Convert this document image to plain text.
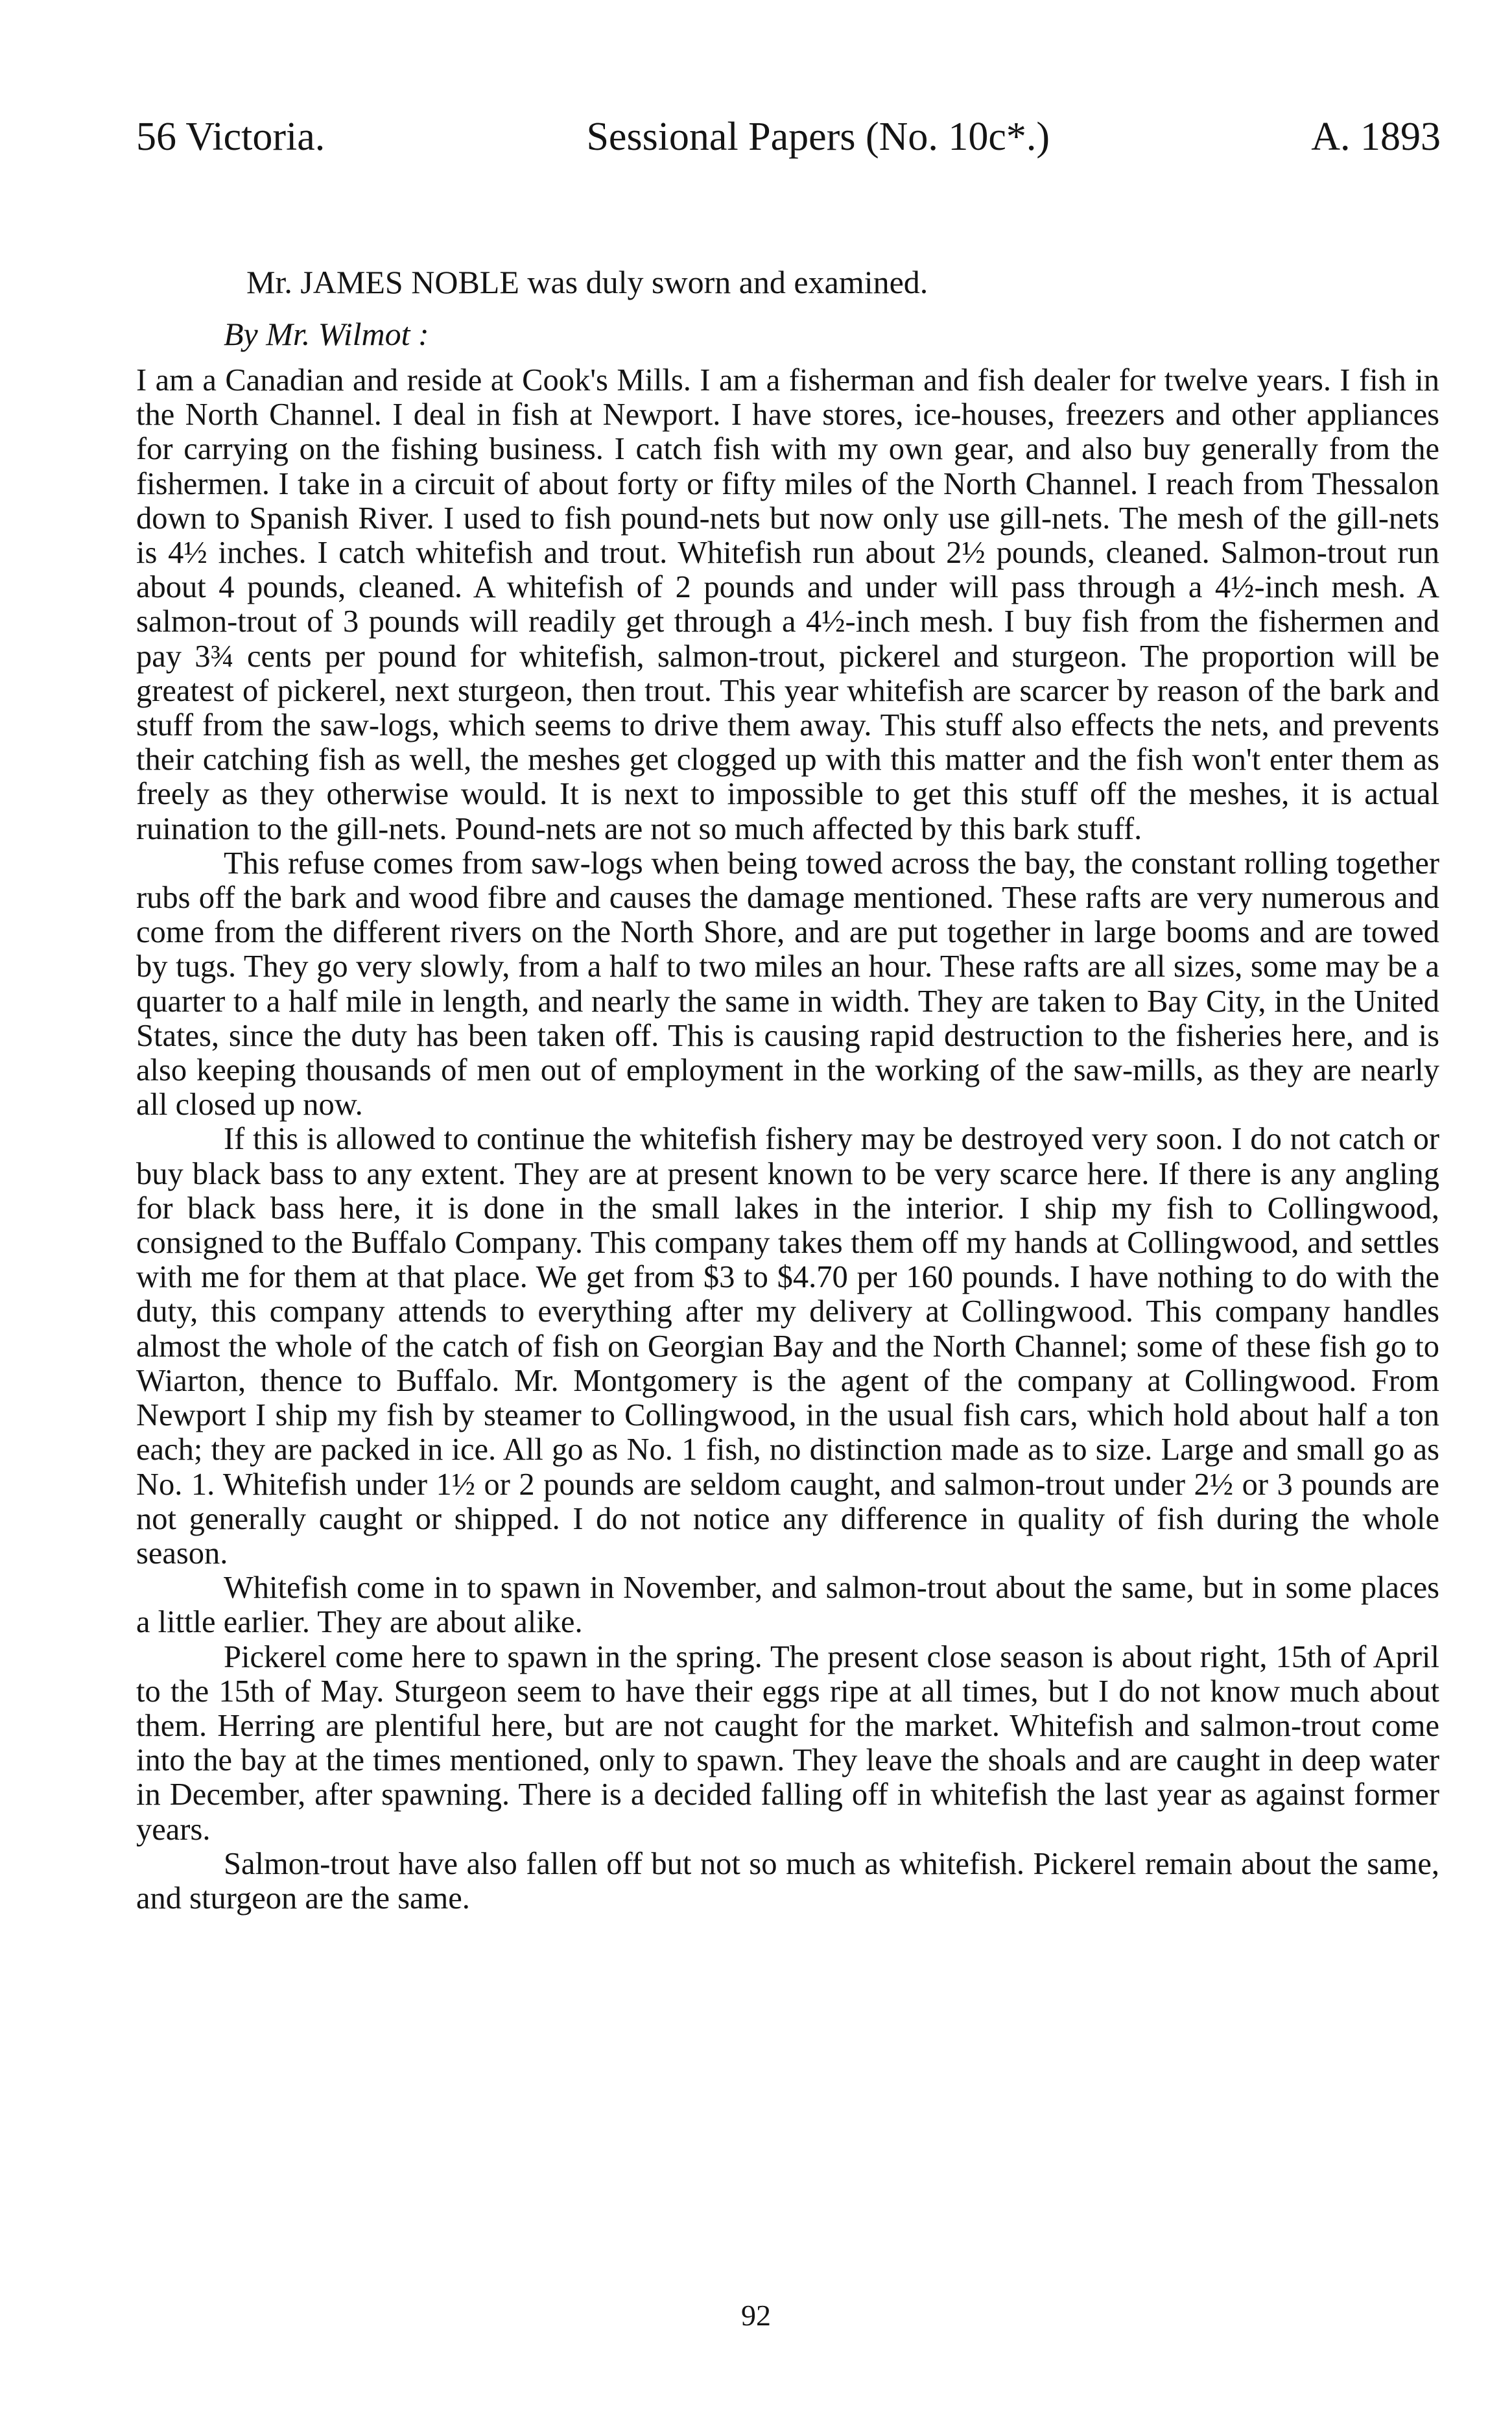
56 Victoria.	Sessional Papers (No. 10c*.)	A. 1893
Mr. JAMES NOBLE was duly sworn and examined.
By Mr. Wilmot :

I am a Canadian and reside at Cook's Mills. I am a fisherman and fish dealer for twelve years. I fish in the North Channel. I deal in fish at Newport. I have stores, ice-houses, freezers and other appliances for carrying on the fishing business. I catch fish with my own gear, and also buy generally from the fishermen. I take in a circuit of about forty or fifty miles of the North Channel. I reach from Thessalon down to Spanish River. I used to fish pound-nets but now only use gill-nets. The mesh of the gill-nets is 4½ inches. I catch whitefish and trout. Whitefish run about 2½ pounds, cleaned. Salmon-trout run about 4 pounds, cleaned. A whitefish of 2 pounds and under will pass through a 4½-inch mesh. A salmon-trout of 3 pounds will readily get through a 4½-inch mesh. I buy fish from the fishermen and pay 3¾ cents per pound for whitefish, salmon-trout, pickerel and sturgeon. The proportion will be greatest of pickerel, next sturgeon, then trout. This year whitefish are scarcer by reason of the bark and stuff from the saw-logs, which seems to drive them away. This stuff also effects the nets, and prevents their catching fish as well, the meshes get clogged up with this matter and the fish won't enter them as freely as they otherwise would. It is next to impossible to get this stuff off the meshes, it is actual ruination to the gill-nets. Pound-nets are not so much affected by this bark stuff.

This refuse comes from saw-logs when being towed across the bay, the constant rolling together rubs off the bark and wood fibre and causes the damage mentioned. These rafts are very numerous and come from the different rivers on the North Shore, and are put together in large booms and are towed by tugs. They go very slowly, from a half to two miles an hour. These rafts are all sizes, some may be a quarter to a half mile in length, and nearly the same in width. They are taken to Bay City, in the United States, since the duty has been taken off. This is causing rapid destruction to the fisheries here, and is also keeping thousands of men out of employment in the working of the saw-mills, as they are nearly all closed up now.

If this is allowed to continue the whitefish fishery may be destroyed very soon. I do not catch or buy black bass to any extent. They are at present known to be very scarce here. If there is any angling for black bass here, it is done in the small lakes in the interior. I ship my fish to Collingwood, consigned to the Buffalo Company. This company takes them off my hands at Collingwood, and settles with me for them at that place. We get from $3 to $4.70 per 160 pounds. I have nothing to do with the duty, this company attends to everything after my delivery at Collingwood. This company handles almost the whole of the catch of fish on Georgian Bay and the North Channel; some of these fish go to Wiarton, thence to Buffalo. Mr. Montgomery is the agent of the company at Collingwood. From Newport I ship my fish by steamer to Collingwood, in the usual fish cars, which hold about half a ton each; they are packed in ice. All go as No. 1 fish, no distinction made as to size. Large and small go as No. 1. Whitefish under 1½ or 2 pounds are seldom caught, and salmon-trout under 2½ or 3 pounds are not generally caught or shipped. I do not notice any difference in quality of fish during the whole season.

Whitefish come in to spawn in November, and salmon-trout about the same, but in some places a little earlier. They are about alike.

Pickerel come here to spawn in the spring. The present close season is about right, 15th of April to the 15th of May. Sturgeon seem to have their eggs ripe at all times, but I do not know much about them. Herring are plentiful here, but are not caught for the market. Whitefish and salmon-trout come into the bay at the times mentioned, only to spawn. They leave the shoals and are caught in deep water in December, after spawning. There is a decided falling off in whitefish the last year as against former years.

Salmon-trout have also fallen off but not so much as whitefish. Pickerel remain about the same, and sturgeon are the same.

92
